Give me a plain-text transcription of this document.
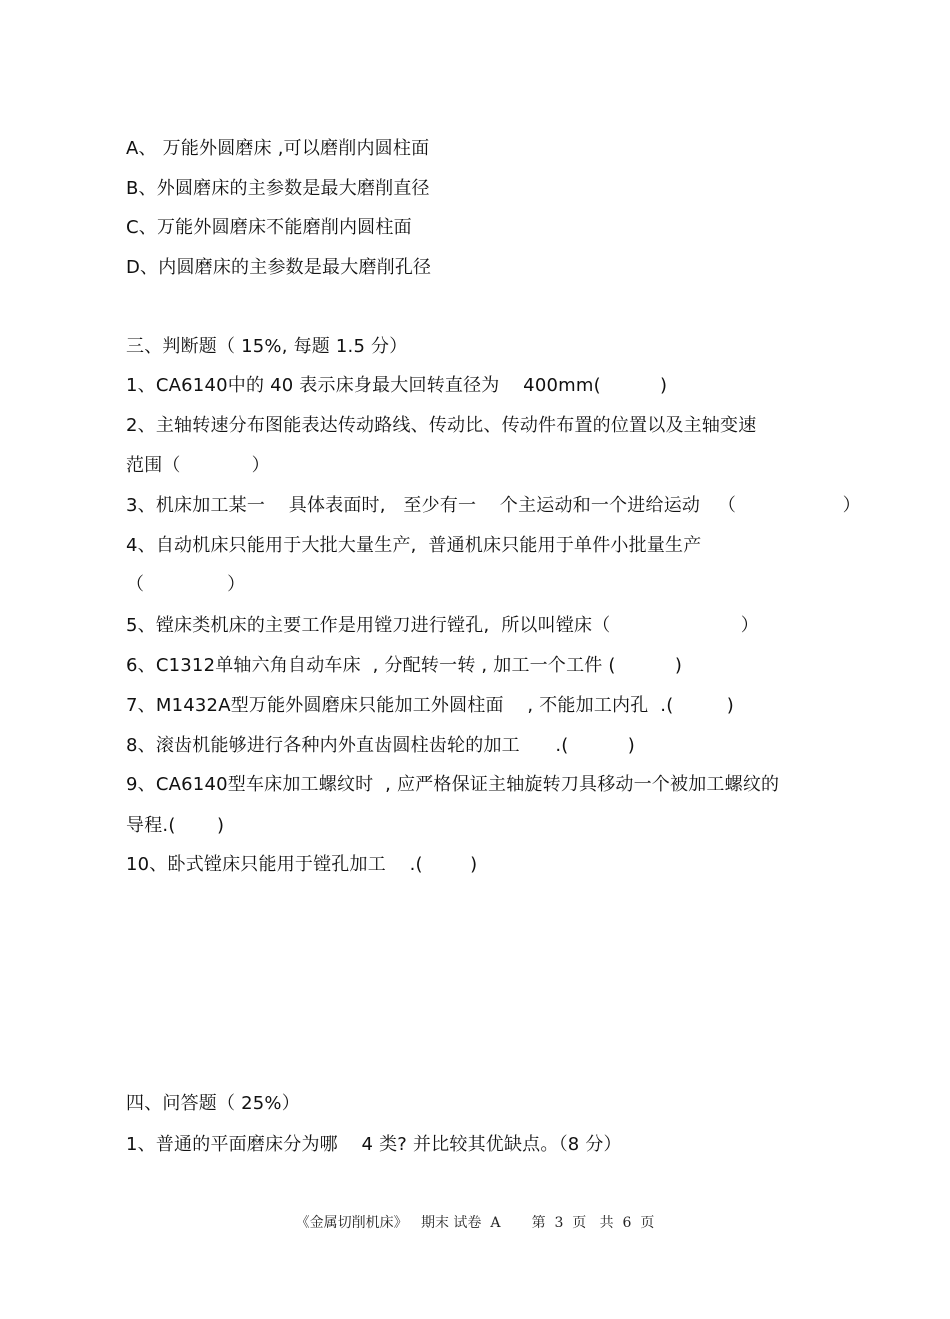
A、 万能外圆磨床 ,可以磨削内圆柱面
B、外圆磨床的主参数是最大磨削直径
C、万能外圆磨床不能磨削内圆柱面
D、内圆磨床的主参数是最大磨削孔径
三、判断题（ 15%, 每题 1.5 分）
1、CA6140中的 40 表示床身最大回转直径为    400mm(          )
2、主轴转速分布图能表达传动路线、传动比、传动件布置的位置以及主轴变速
范围（            ）
3、机床加工某一    具体表面时,   至少有一    个主运动和一个进给运动   （                  ）
4、自动机床只能用于大批大量生产,  普通机床只能用于单件小批量生产
（              ）
5、镗床类机床的主要工作是用镗刀进行镗孔,  所以叫镗床（                      ）
6、C1312单轴六角自动车床  , 分配转一转 , 加工一个工件 (          )
7、M1432A型万能外圆磨床只能加工外圆柱面    , 不能加工内孔  .(         )
8、滚齿机能够进行各种内外直齿圆柱齿轮的加工      .(          )
9、CA6140型车床加工螺纹时  , 应严格保证主轴旋转刀具移动一个被加工螺纹的
导程.(       )
10、卧式镗床只能用于镗孔加工    .(        )
四、问答题（ 25%）
1、普通的平面磨床分为哪    4 类? 并比较其优缺点。（8 分）
《金属切削机床》   期末 试卷  A       第  3  页   共  6  页
